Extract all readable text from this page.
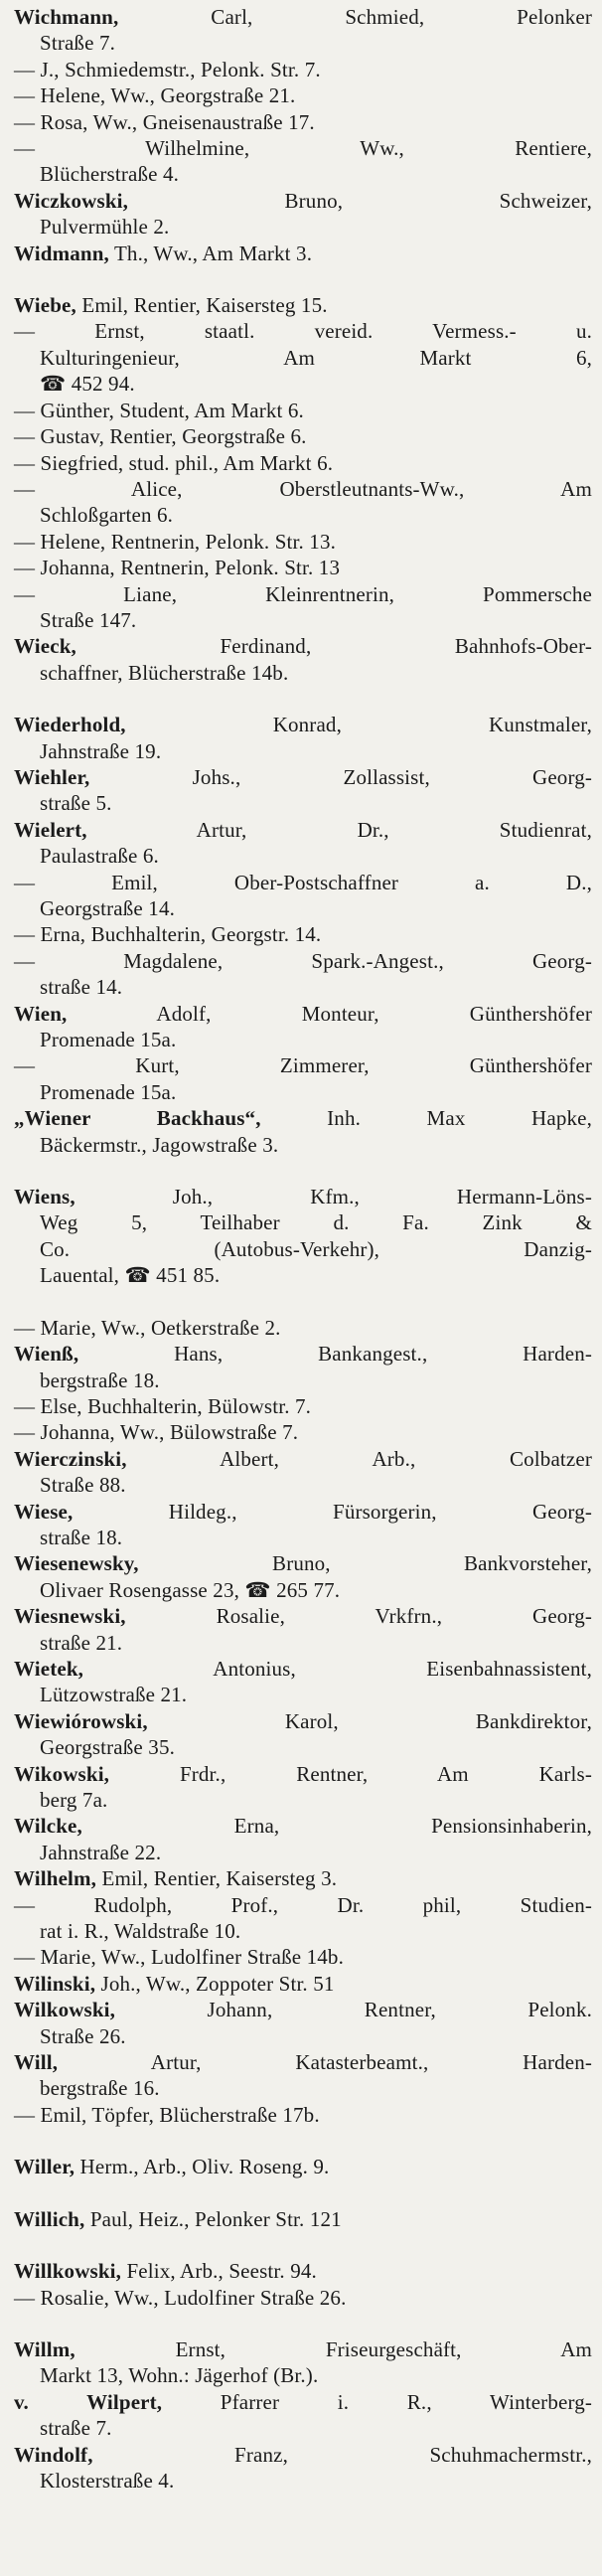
Wichmann, Carl, Schmied, Pelonker
Straße 7.
— J., Schmiedemstr., Pelonk. Str. 7.
— Helene, Ww., Georgstraße 21.
— Rosa, Ww., Gneisenaustraße 17.
— Wilhelmine, Ww., Rentiere,
Blücherstraße 4.
Wiczkowski, Bruno, Schweizer,
Pulvermühle 2.
Widmann, Th., Ww., Am Markt 3.
Wiebe, Emil, Rentier, Kaisersteg 15.
— Ernst, staatl. vereid. Vermess.- u.
Kulturingenieur, Am Markt 6,
☎ 452 94.
— Günther, Student, Am Markt 6.
— Gustav, Rentier, Georgstraße 6.
— Siegfried, stud. phil., Am Markt 6.
— Alice, Oberstleutnants-Ww., Am
Schloßgarten 6.
— Helene, Rentnerin, Pelonk. Str. 13.
— Johanna, Rentnerin, Pelonk. Str. 13
— Liane, Kleinrentnerin, Pommersche
Straße 147.
Wieck, Ferdinand, Bahnhofs-Ober-
schaffner, Blücherstraße 14b.
Wiederhold, Konrad, Kunstmaler,
Jahnstraße 19.
Wiehler, Johs., Zollassist, Georg-
straße 5.
Wielert, Artur, Dr., Studienrat,
Paulastraße 6.
— Emil, Ober-Postschaffner a. D.,
Georgstraße 14.
— Erna, Buchhalterin, Georgstr. 14.
— Magdalene, Spark.-Angest., Georg-
straße 14.
Wien, Adolf, Monteur, Günthershöfer
Promenade 15a.
— Kurt, Zimmerer, Günthershöfer
Promenade 15a.
„Wiener Backhaus“, Inh. Max Hapke,
Bäckermstr., Jagowstraße 3.
Wiens, Joh., Kfm., Hermann-Löns-
Weg 5, Teilhaber d. Fa. Zink &
Co. (Autobus-Verkehr), Danzig-
Lauental, ☎ 451 85.
— Marie, Ww., Oetkerstraße 2.
Wienß, Hans, Bankangest., Harden-
bergstraße 18.
— Else, Buchhalterin, Bülowstr. 7.
— Johanna, Ww., Bülowstraße 7.
Wierczinski, Albert, Arb., Colbatzer
Straße 88.
Wiese, Hildeg., Fürsorgerin, Georg-
straße 18.
Wiesenewsky, Bruno, Bankvorsteher,
Olivaer Rosengasse 23, ☎ 265 77.
Wiesnewski, Rosalie, Vrkfrn., Georg-
straße 21.
Wietek, Antonius, Eisenbahnassistent,
Lützowstraße 21.
Wiewiórowski, Karol, Bankdirektor,
Georgstraße 35.
Wikowski, Frdr., Rentner, Am Karls-
berg 7a.
Wilcke, Erna, Pensionsinhaberin,
Jahnstraße 22.
Wilhelm, Emil, Rentier, Kaisersteg 3.
— Rudolph, Prof., Dr. phil, Studien-
rat i. R., Waldstraße 10.
— Marie, Ww., Ludolfiner Straße 14b.
Wilinski, Joh., Ww., Zoppoter Str. 51
Wilkowski, Johann, Rentner, Pelonk.
Straße 26.
Will, Artur, Katasterbeamt., Harden-
bergstraße 16.
— Emil, Töpfer, Blücherstraße 17b.
Willer, Herm., Arb., Oliv. Roseng. 9.
Willich, Paul, Heiz., Pelonker Str. 121
Willkowski, Felix, Arb., Seestr. 94.
— Rosalie, Ww., Ludolfiner Straße 26.
Willm, Ernst, Friseurgeschäft, Am
Markt 13, Wohn.: Jägerhof (Br.).
v. Wilpert, Pfarrer i. R., Winterberg-
straße 7.
Windolf, Franz, Schuhmachermstr.,
Klosterstraße 4.
